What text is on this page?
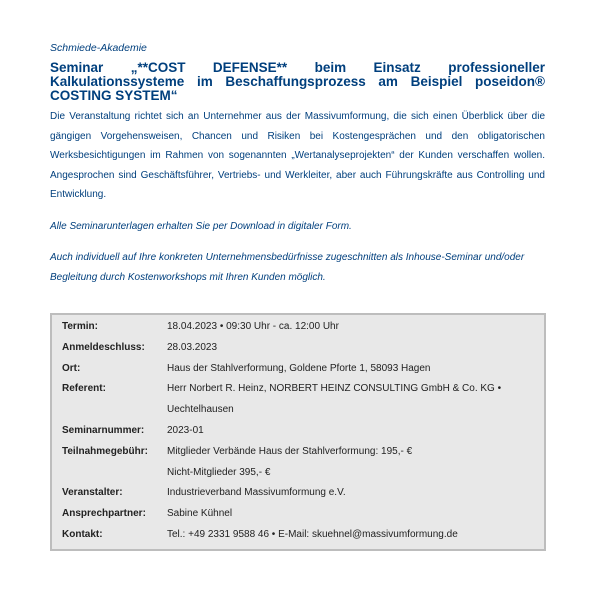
Schmiede-Akademie

Seminar „**COST DEFENSE** beim Einsatz professioneller Kalkulationssysteme im Beschaffungsprozess am Beispiel poseidon® COSTING SYSTEM“

Die Veranstaltung richtet sich an Unternehmer aus der Massivumformung, die sich einen Überblick über die gängigen Vorgehensweisen, Chancen und Risiken bei Kostengesprächen und den obligatorischen Werksbesichtigungen im Rahmen von sogenannten „Wertanalyseprojekten“ der Kunden verschaffen wollen. Angesprochen sind Geschäftsführer, Vertriebs- und Werkleiter, aber auch Führungskräfte aus Controlling und Entwicklung.

Alle Seminarunterlagen erhalten Sie per Download in digitaler Form.

Auch individuell auf Ihre konkreten Unternehmensbedürfnisse zugeschnitten als Inhouse-Seminar und/oder Begleitung durch Kostenworkshops mit Ihren Kunden möglich.

Termin:	18.04.2023 • 09:30 Uhr - ca. 12:00 Uhr
Anmeldeschluss:	28.03.2023
Ort:	Haus der Stahlverformung, Goldene Pforte 1, 58093 Hagen
Referent:	Herr Norbert R. Heinz, NORBERT HEINZ CONSULTING GmbH & Co. KG •
Uechtelhausen
Seminarnummer:	2023-01
Teilnahmegebühr:	Mitglieder Verbände Haus der Stahlverformung: 195,- €
Nicht-Mitglieder 395,- €
Veranstalter:	Industrieverband Massivumformung e.V.
Ansprechpartner:	Sabine Kühnel
Kontakt:	Tel.: +49 2331 9588 46 • E-Mail: skuehnel@massivumformung.de
